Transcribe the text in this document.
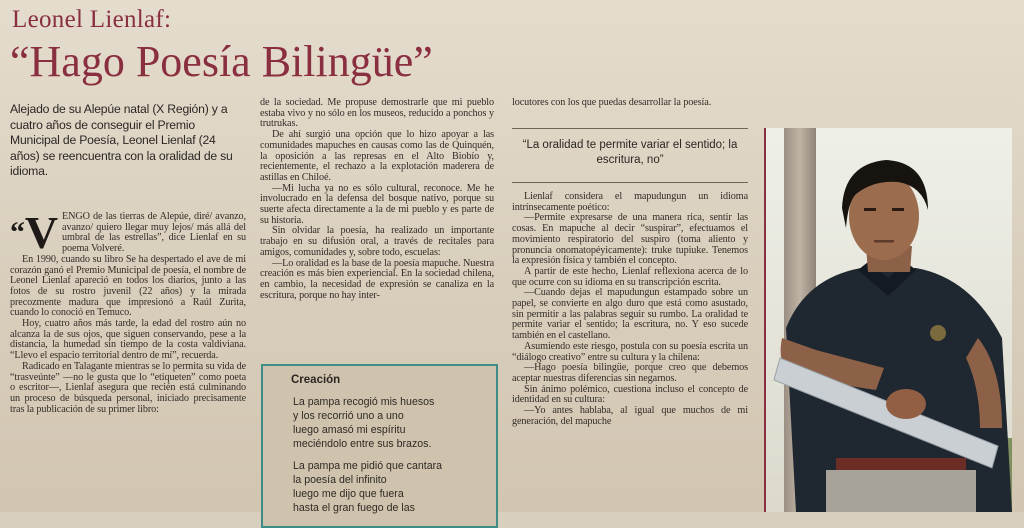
Leonel Lienlaf:
“Hago Poesía Bilingüe”
Alejado de su Alepúe natal (X Región) y a cuatro años de conseguir el Premio Municipal de Poesía, Leonel Lienlaf (24 años) se reencuentra con la oralidad de su idioma.
“V ENGO de las tierras de Alepúe, diré/ avanzo, avanzo/ quiero llegar muy lejos/ más allá del umbral de las estrellas”, dice Lienlaf en su poema Volveré.

En 1990, cuando su libro Se ha despertado el ave de mi corazón ganó el Premio Municipal de poesía, el nombre de Leonel Lienlaf apareció en todos los diarios, junto a las fotos de su rostro juvenil (22 años) y la mirada precozmente madura que impresionó a Raúl Zurita, cuando lo conoció en Temuco.

Hoy, cuatro años más tarde, la edad del rostro aún no alcanza la de sus ojos, que siguen conservando, pese a la distancia, la humedad sin tiempo de la costa valdiviana. “Llevo el espacio territorial dentro de mí”, recuerda.

Radicado en Talagante mientras se lo permita su vida de “trasveúnte” —no le gusta que lo “etiqueten” como poeta o escritor—, Lienlaf asegura que recién está culminando un proceso de búsqueda personal, iniciado precisamente tras la publicación de su primer libro:

de la sociedad. Me propuse demostrarle que mi pueblo estaba vivo y no sólo en los museos, reducido a ponchos y trutrukas.

De ahí surgió una opción que lo hizo apoyar a las comunidades mapuches en causas como las de Quinquén, la oposición a las represas en el Alto Biobío y, recientemente, el rechazo a la explotación maderera de astillas en Chiloé.

—Mi lucha ya no es sólo cultural, reconoce. Me he involucrado en la defensa del bosque nativo, porque su suerte afecta directamente a la de mi pueblo y es parte de su historia.

Sin olvidar la poesía, ha realizado un importante trabajo en su difusión oral, a través de recitales para amigos, comunidades y, sobre todo, escuelas:

—Lo oralidad es la base de la poesía mapuche. Nuestra creación es más bien experiencial. En la sociedad chilena, en cambio, la necesidad de expresión se canaliza en la escritura, porque no hay inter-

Creación
La pampa recogió mis huesos
y los recorrió uno a uno
luego amasó mi espíritu
meciéndolo entre sus brazos.
La pampa me pidió que cantara
la poesía del infinito
luego me dijo que fuera
hasta el gran fuego de las

locutores con los que puedas desarrollar la poesía.

“La oralidad te permite variar el sentido; la escritura, no”

Lienlaf considera el mapudungun un idioma intrínsecamente poético:

—Permite expresarse de una manera rica, sentir las cosas. En mapuche al decir “suspirar”, efectuamos el movimiento respiratorio del suspiro (toma aliento y pronuncia onomatopéyicamente): truke tupiuke. Tenemos la expresión física y también el concepto.

A partir de este hecho, Lienlaf reflexiona acerca de lo que ocurre con su idioma en su transcripción escrita.

—Cuando dejas el mapudungun estampado sobre un papel, se convierte en algo duro que está como asustado, sin permitir a las palabras seguir su rumbo. La oralidad te permite variar el sentido; la escritura, no. Y eso sucede también en el castellano.

Asumiendo este riesgo, postula con su poesía escrita un “diálogo creativo” entre su cultura y la chilena:

—Hago poesía bilingüe, porque creo que debemos aceptar nuestras diferencias sin negarnos.

Sin ánimo polémico, cuestiona incluso el concepto de identidad en su cultura:

—Yo antes hablaba, al igual que muchos de mi generación, del mapuche
